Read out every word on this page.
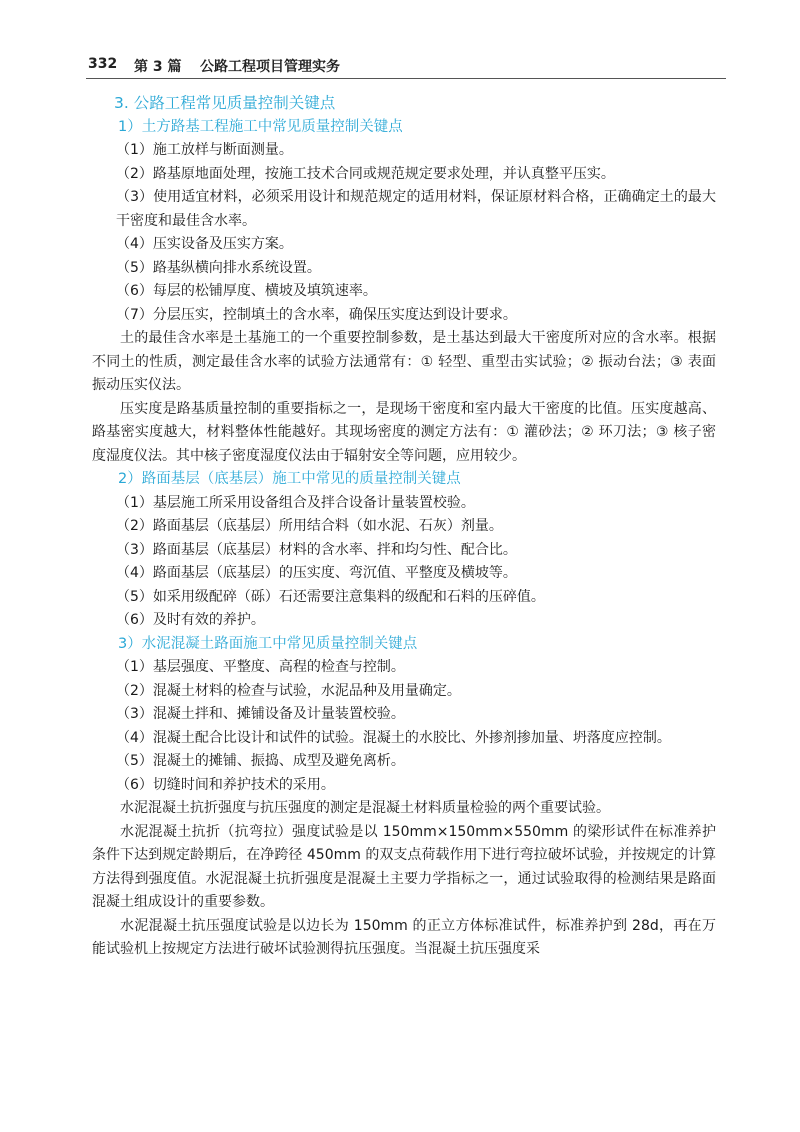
332 第 3 篇 公路工程项目管理实务

3. 公路工程常见质量控制关键点

1）土方路基工程施工中常见质量控制关键点

（1）施工放样与断面测量。

（2）路基原地面处理，按施工技术合同或规范规定要求处理，并认真整平压实。

（3）使用适宜材料，必须采用设计和规范规定的适用材料，保证原材料合格，正确确定土的最大干密度和最佳含水率。

（4）压实设备及压实方案。

（5）路基纵横向排水系统设置。

（6）每层的松铺厚度、横坡及填筑速率。

（7）分层压实，控制填土的含水率，确保压实度达到设计要求。

土的最佳含水率是土基施工的一个重要控制参数，是土基达到最大干密度所对应的含水率。根据不同土的性质，测定最佳含水率的试验方法通常有：① 轻型、重型击实试验；② 振动台法；③ 表面振动压实仪法。

压实度是路基质量控制的重要指标之一，是现场干密度和室内最大干密度的比值。压实度越高、路基密实度越大，材料整体性能越好。其现场密度的测定方法有：① 灌砂法；② 环刀法；③ 核子密度湿度仪法。其中核子密度湿度仪法由于辐射安全等问题，应用较少。

2）路面基层（底基层）施工中常见的质量控制关键点

（1）基层施工所采用设备组合及拌合设备计量装置校验。

（2）路面基层（底基层）所用结合料（如水泥、石灰）剂量。

（3）路面基层（底基层）材料的含水率、拌和均匀性、配合比。

（4）路面基层（底基层）的压实度、弯沉值、平整度及横坡等。

（5）如采用级配碎（砾）石还需要注意集料的级配和石料的压碎值。

（6）及时有效的养护。

3）水泥混凝土路面施工中常见质量控制关键点

（1）基层强度、平整度、高程的检查与控制。

（2）混凝土材料的检查与试验，水泥品种及用量确定。

（3）混凝土拌和、摊铺设备及计量装置校验。

（4）混凝土配合比设计和试件的试验。混凝土的水胶比、外掺剂掺加量、坍落度应控制。

（5）混凝土的摊铺、振捣、成型及避免离析。

（6）切缝时间和养护技术的采用。

水泥混凝土抗折强度与抗压强度的测定是混凝土材料质量检验的两个重要试验。

水泥混凝土抗折（抗弯拉）强度试验是以 150mm×150mm×550mm 的梁形试件在标准养护条件下达到规定龄期后，在净跨径 450mm 的双支点荷载作用下进行弯拉破坏试验，并按规定的计算方法得到强度值。水泥混凝土抗折强度是混凝土主要力学指标之一，通过试验取得的检测结果是路面混凝土组成设计的重要参数。

水泥混凝土抗压强度试验是以边长为 150mm 的正立方体标准试件，标准养护到 28d，再在万能试验机上按规定方法进行破坏试验测得抗压强度。当混凝土抗压强度采
